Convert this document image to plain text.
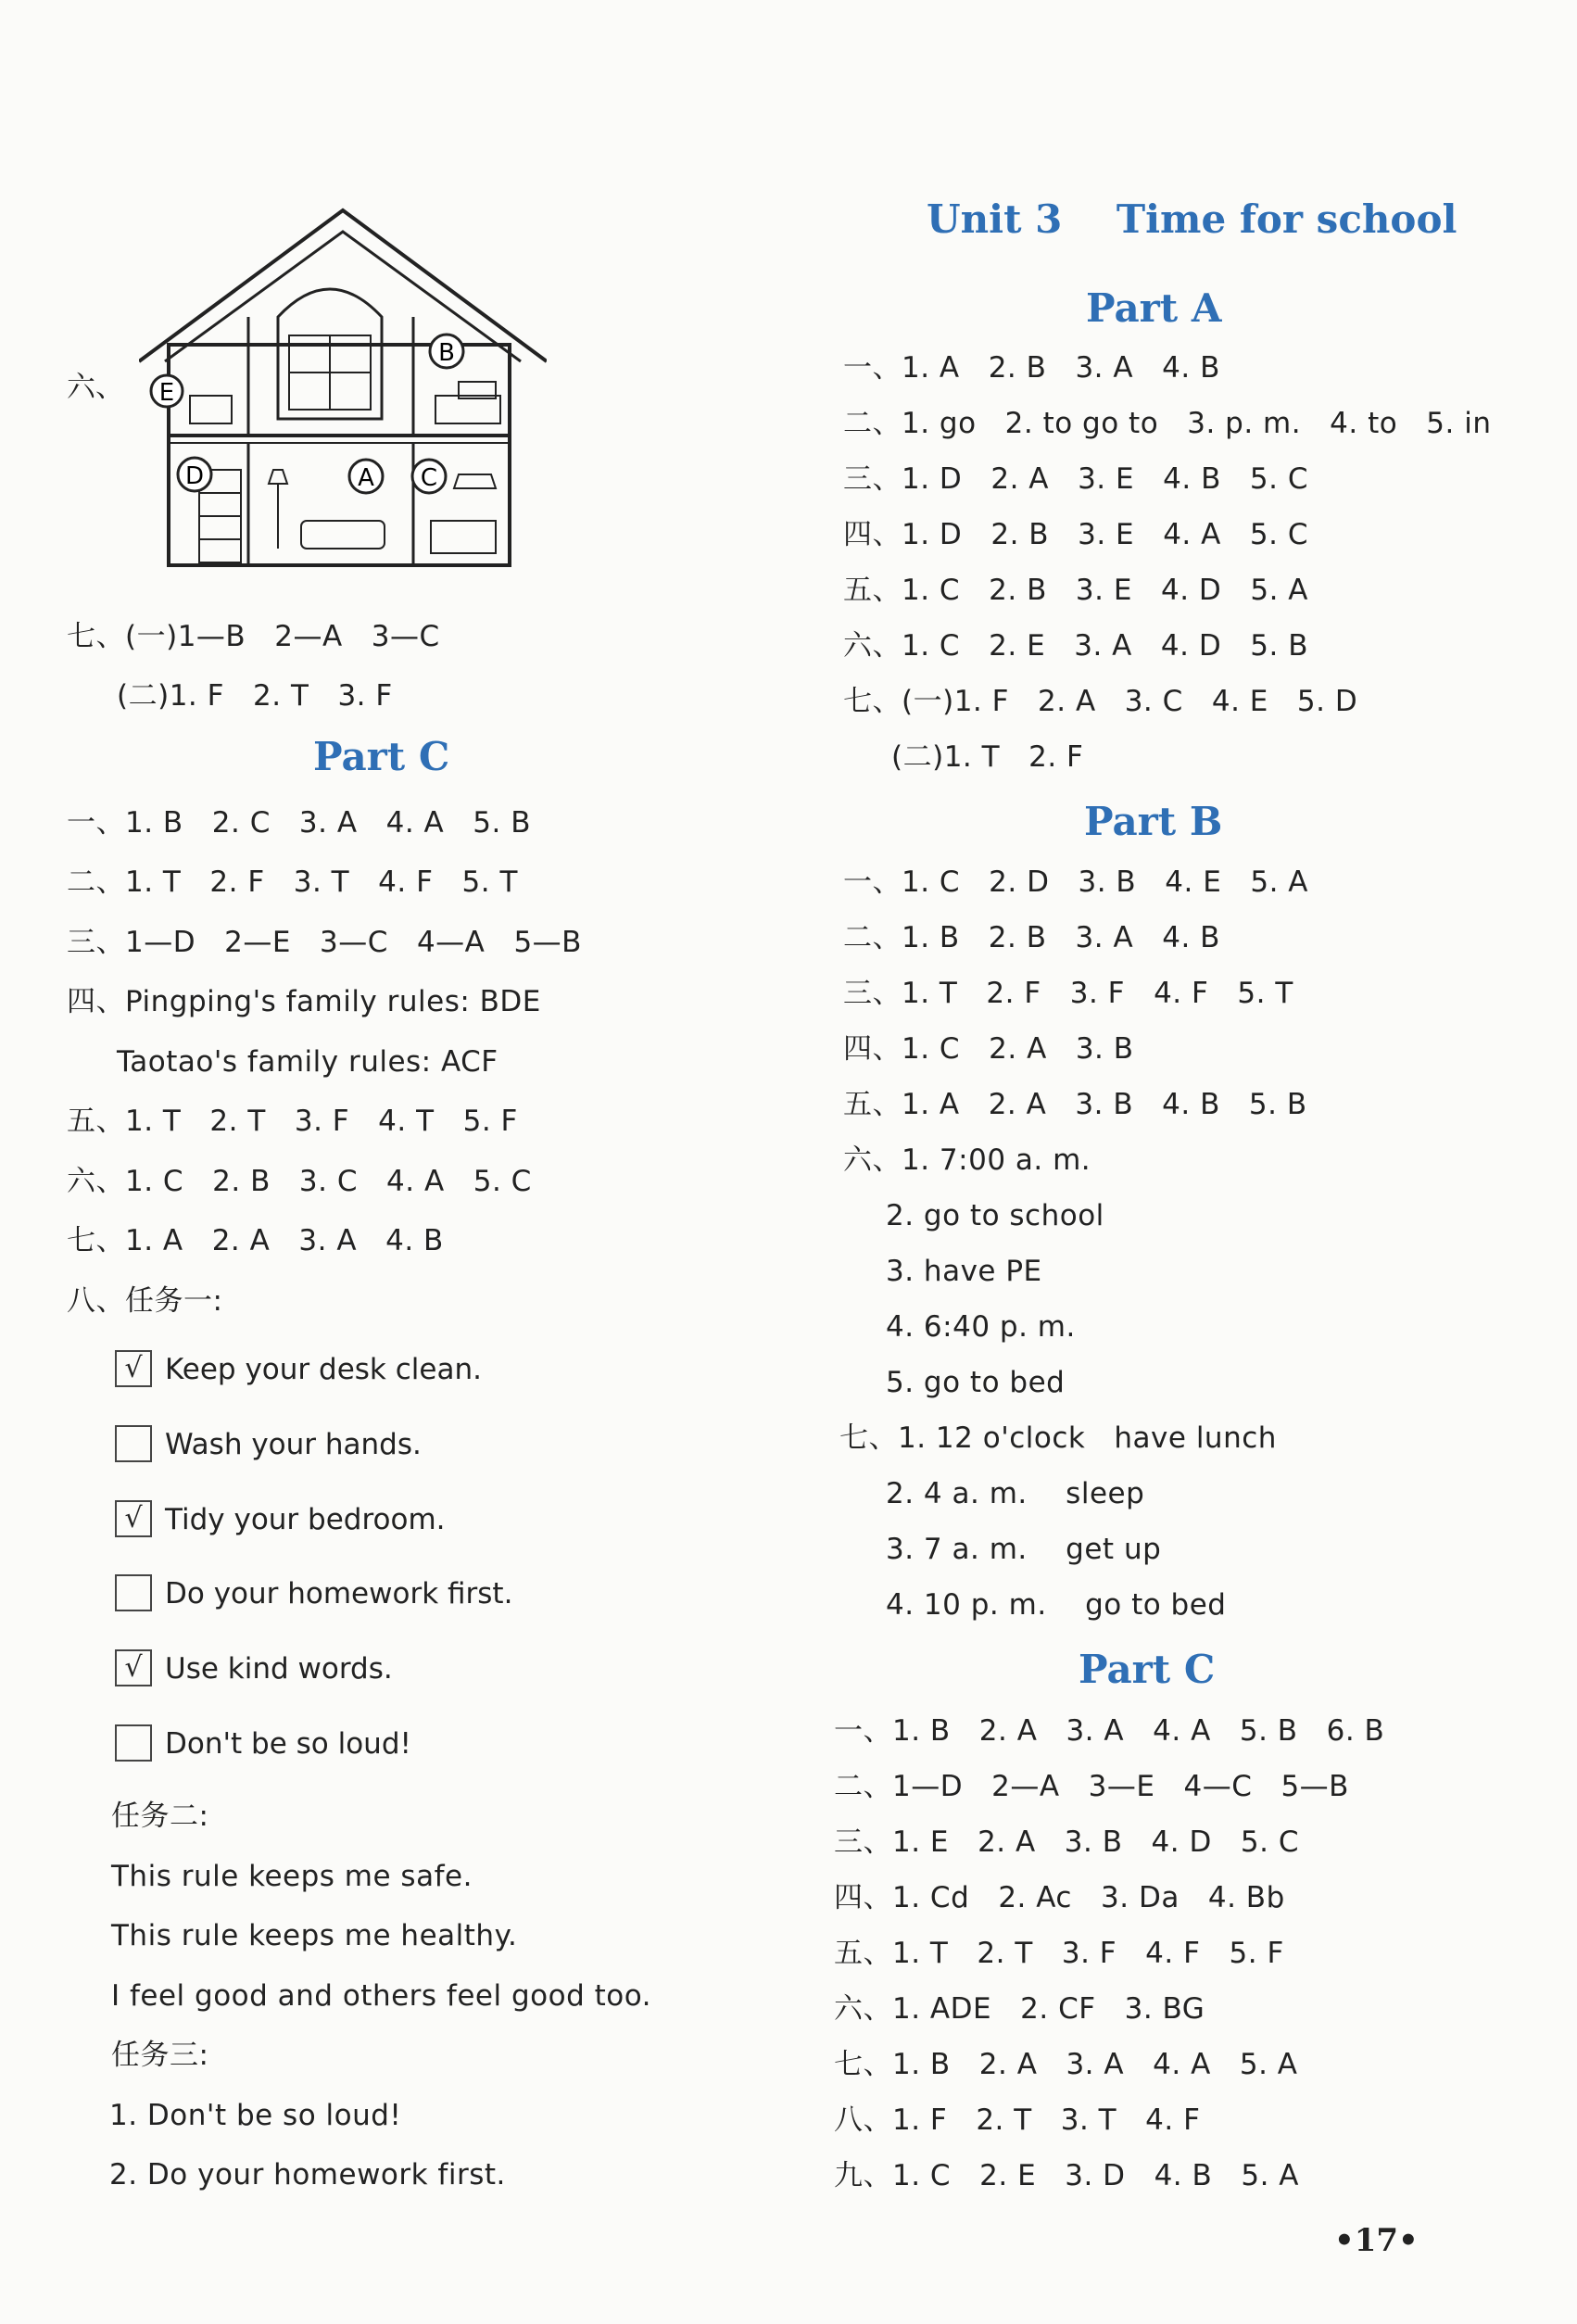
六、 E
B
D	A C
七、(一)1—B   2—A   3—C
(二)1. F   2. T   3. F
Part C
一、1. B   2. C   3. A   4. A   5. B
二、1. T   2. F   3. T   4. F   5. T
三、1—D   2—E   3—C   4—A   5—B
四、Pingping's family rules: BDE
Taotao's family rules: ACF
五、1. T   2. T   3. F   4. T   5. F
六、1. C   2. B   3. C   4. A   5. C
七、1. A   2. A   3. A   4. B
八、任务一:
√ Keep your desk clean.
Wash your hands.
√ Tidy your bedroom.
Do your homework first.
√ Use kind words.
Don't be so loud!
任务二:
This rule keeps me safe.
This rule keeps me healthy.
I feel good and others feel good too.
任务三:
1. Don't be so loud!
2. Do your homework first.
Unit 3    Time for school
Part A
一、1. A   2. B   3. A   4. B
二、1. go   2. to go to   3. p. m.   4. to   5. in
三、1. D   2. A   3. E   4. B   5. C
四、1. D   2. B   3. E   4. A   5. C
五、1. C   2. B   3. E   4. D   5. A
六、1. C   2. E   3. A   4. D   5. B
七、(一)1. F   2. A   3. C   4. E   5. D
(二)1. T   2. F
Part B
一、1. C   2. D   3. B   4. E   5. A
二、1. B   2. B   3. A   4. B
三、1. T   2. F   3. F   4. F   5. T
四、1. C   2. A   3. B
五、1. A   2. A   3. B   4. B   5. B
六、1. 7:00 a. m.
2. go to school
3. have PE
4. 6:40 p. m.
5. go to bed
七、1. 12 o'clock   have lunch
2. 4 a. m.    sleep
3. 7 a. m.    get up
4. 10 p. m.    go to bed
Part C
一、1. B   2. A   3. A   4. A   5. B   6. B
二、1—D   2—A   3—E   4—C   5—B
三、1. E   2. A   3. B   4. D   5. C
四、1. Cd   2. Ac   3. Da   4. Bb
五、1. T   2. T   3. F   4. F   5. F
六、1. ADE   2. CF   3. BG
七、1. B   2. A   3. A   4. A   5. A
八、1. F   2. T   3. T   4. F
九、1. C   2. E   3. D   4. B   5. A
•17•
